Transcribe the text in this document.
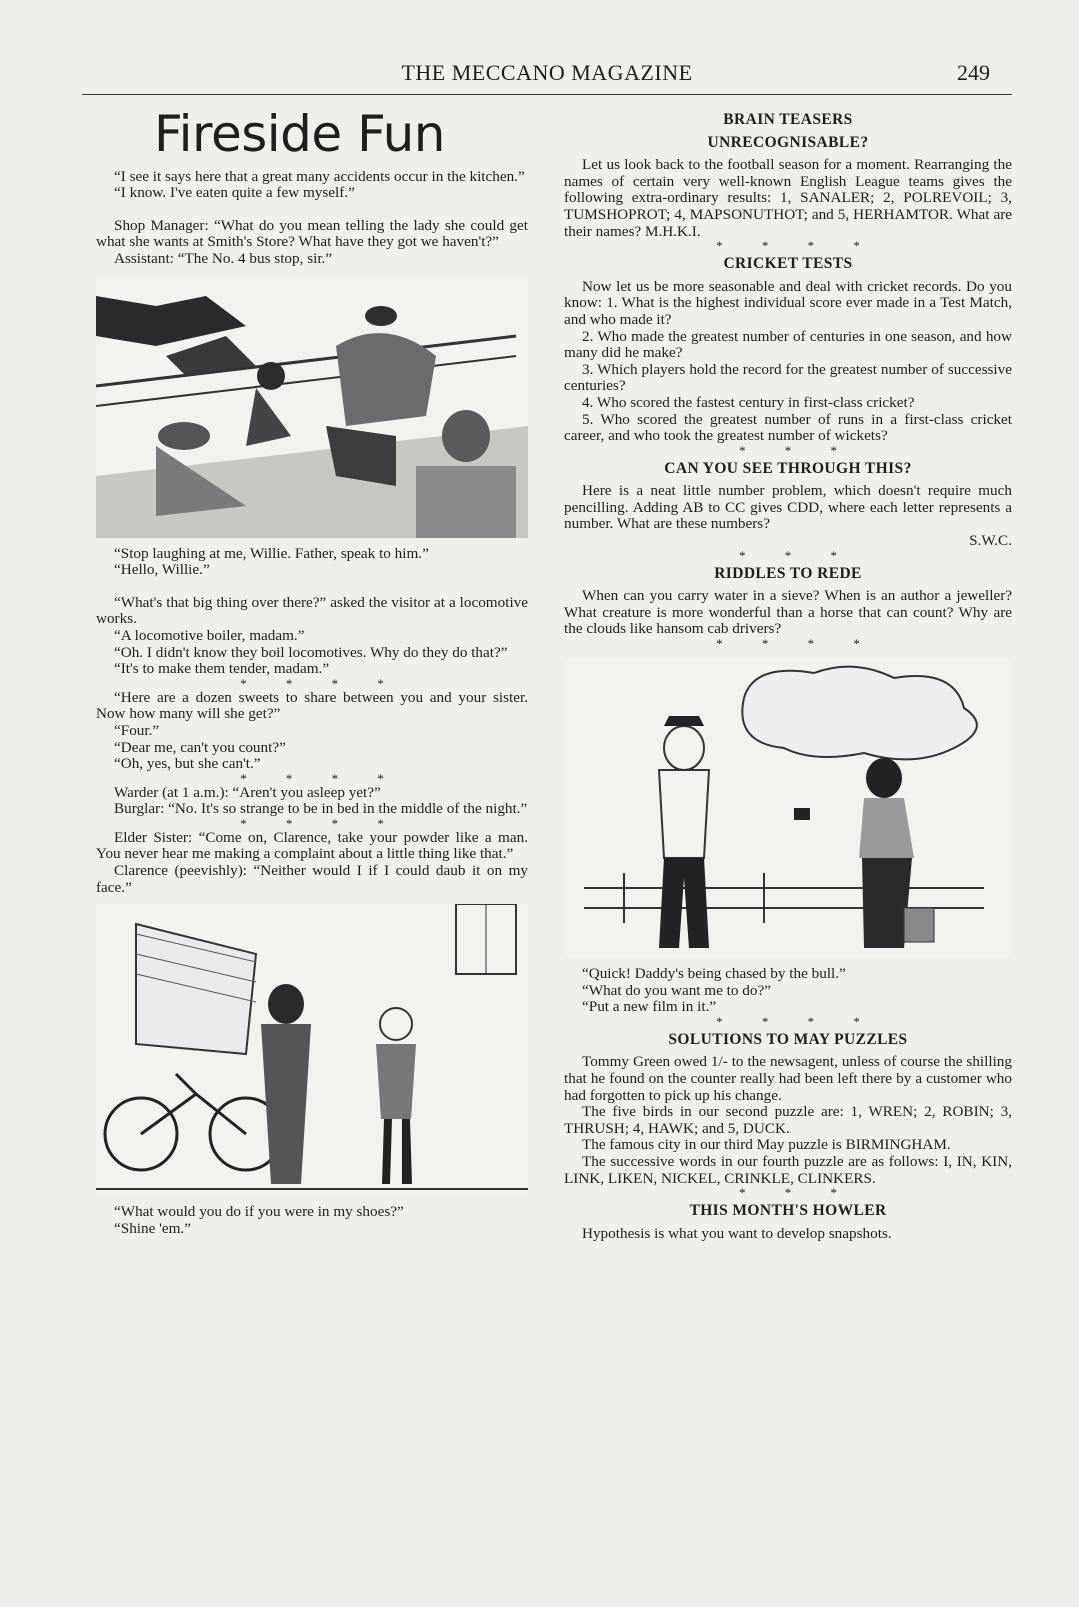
THE MECCANO MAGAZINE	249
Fireside Fun

“I see it says here that a great many accidents occur in the kitchen.”

“I know. I've eaten quite a few myself.”

Shop Manager: “What do you mean telling the lady she could get what she wants at Smith's Store? What have they got we haven't?”

Assistant: “The No. 4 bus stop, sir.”

“Stop laughing at me, Willie. Father, speak to him.”

“Hello, Willie.”

“What's that big thing over there?” asked the visitor at a locomotive works.

“A locomotive boiler, madam.”

“Oh. I didn't know they boil locomotives. Why do they do that?”

“It's to make them tender, madam.”

* * * *

“Here are a dozen sweets to share between you and your sister. Now how many will she get?”

“Four.”

“Dear me, can't you count?”

“Oh, yes, but she can't.”

* * * *

Warder (at 1 a.m.): “Aren't you asleep yet?”

Burglar: “No. It's so strange to be in bed in the middle of the night.”

* * * *

Elder Sister: “Come on, Clarence, take your powder like a man. You never hear me making a complaint about a little thing like that.”

Clarence (peevishly): “Neither would I if I could daub it on my face.”

“What would you do if you were in my shoes?”

“Shine 'em.”

BRAIN TEASERS
UNRECOGNISABLE?

Let us look back to the football season for a moment. Rearranging the names of certain very well-known English League teams gives the following extra-ordinary results: 1, SANALER; 2, POLREVOIL; 3, TUMSHOPROT; 4, MAPSONUTHOT; and 5, HERHAMTOR. What are their names? M.H.K.I.

* * * *
CRICKET TESTS

Now let us be more seasonable and deal with cricket records. Do you know: 1. What is the highest individual score ever made in a Test Match, and who made it?

2. Who made the greatest number of centuries in one season, and how many did he make?

3. Which players hold the record for the greatest number of successive centuries?

4. Who scored the fastest century in first-class cricket?

5. Who scored the greatest number of runs in a first-class cricket career, and who took the greatest number of wickets?

* * *
CAN YOU SEE THROUGH THIS?

Here is a neat little number problem, which doesn't require much pencilling. Adding AB to CC gives CDD, where each letter represents a number. What are these numbers?

S.W.C.

* * *
RIDDLES TO REDE

When can you carry water in a sieve? When is an author a jeweller? What creature is more wonderful than a horse that can count? Why are the clouds like hansom cab drivers?

* * * *

“Quick! Daddy's being chased by the bull.”

“What do you want me to do?”

“Put a new film in it.”

* * * *
SOLUTIONS TO MAY PUZZLES

Tommy Green owed 1/- to the newsagent, unless of course the shilling that he found on the counter really had been left there by a customer who had forgotten to pick up his change.

The five birds in our second puzzle are: 1, WREN; 2, ROBIN; 3, THRUSH; 4, HAWK; and 5, DUCK.

The famous city in our third May puzzle is BIRMINGHAM.

The successive words in our fourth puzzle are as follows: I, IN, KIN, LINK, LIKEN, NICKEL, CRINKLE, CLINKERS.

* * *
THIS MONTH'S HOWLER

Hypothesis is what you want to develop snapshots.
